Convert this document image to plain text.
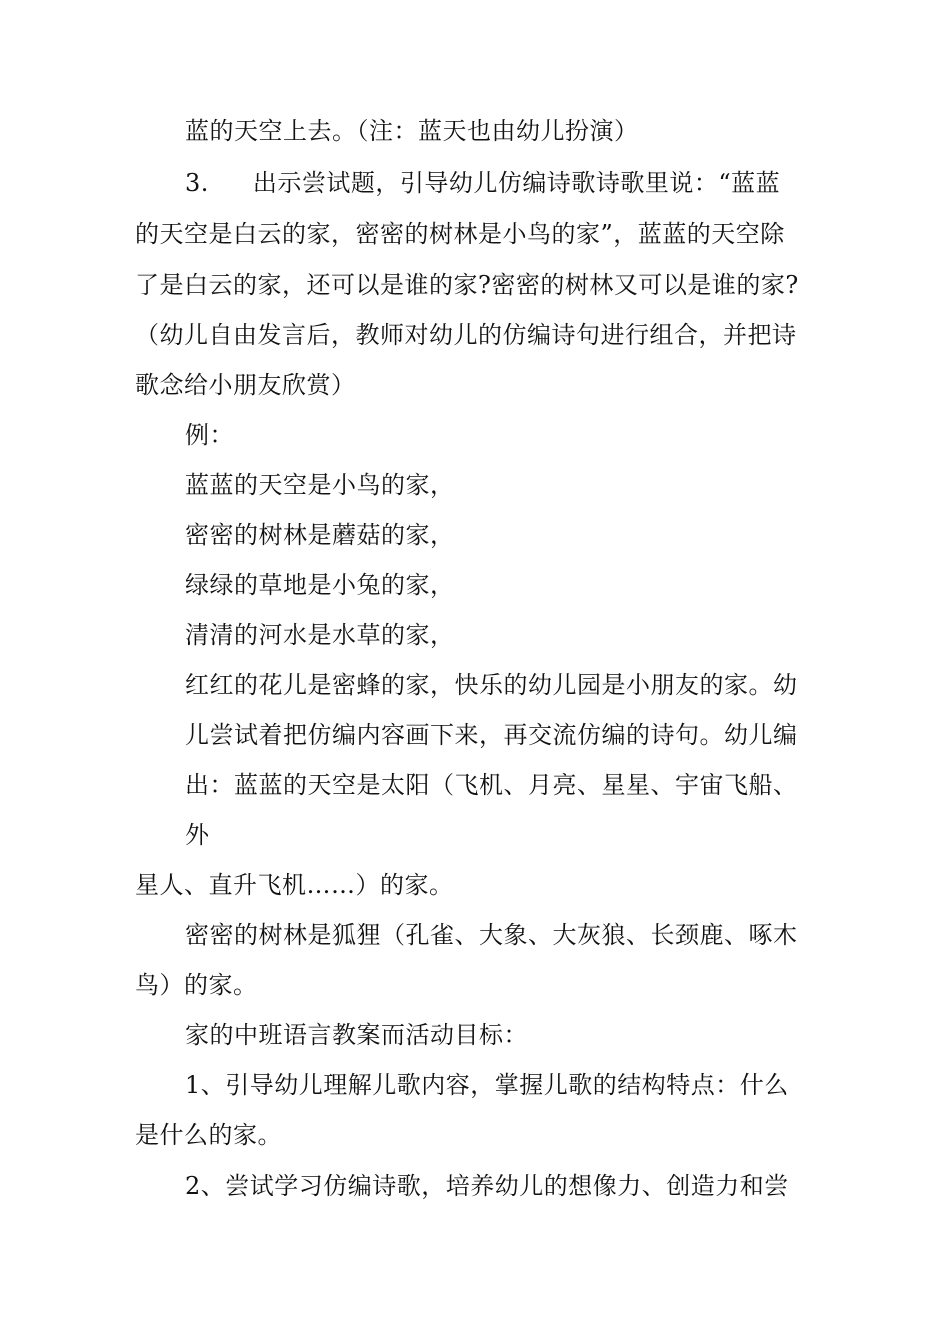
蓝的天空上去。（注：蓝天也由幼儿扮演）
3. 出示尝试题，引导幼儿仿编诗歌诗歌里说：“蓝蓝
的天空是白云的家，密密的树林是小鸟的家”，蓝蓝的天空除
了是白云的家，还可以是谁的家?密密的树林又可以是谁的家?
（幼儿自由发言后，教师对幼儿的仿编诗句进行组合，并把诗
歌念给小朋友欣赏）
例：
蓝蓝的天空是小鸟的家，
密密的树林是蘑菇的家，
绿绿的草地是小兔的家，
清清的河水是水草的家，
红红的花儿是密蜂的家，快乐的幼儿园是小朋友的家。幼
儿尝试着把仿编内容画下来，再交流仿编的诗句。幼儿编
出：蓝蓝的天空是太阳（飞机、月亮、星星、宇宙飞船、
外
星人、直升飞机……）的家。
密密的树林是狐狸（孔雀、大象、大灰狼、长颈鹿、啄木
鸟）的家。
家的中班语言教案而活动目标：
1、引导幼儿理解儿歌内容，掌握儿歌的结构特点：什么
是什么的家。
2、尝试学习仿编诗歌，培养幼儿的想像力、创造力和尝
